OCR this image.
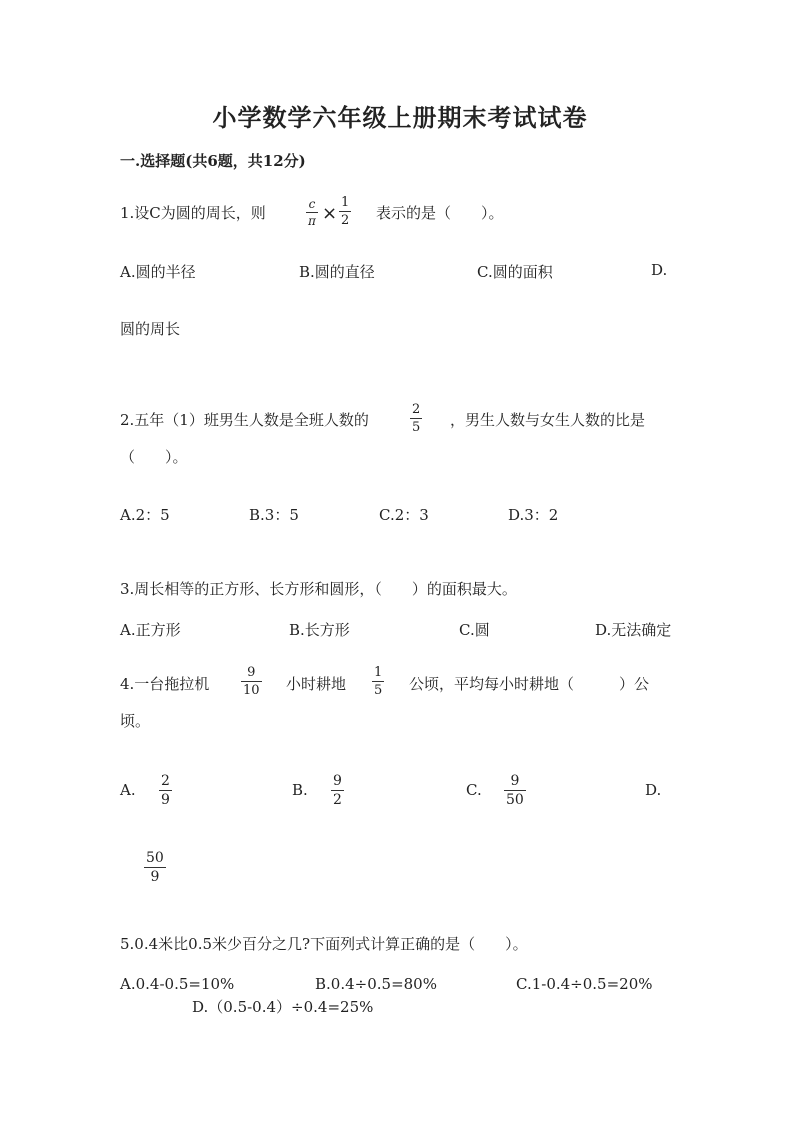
小学数学六年级上册期末考试试卷
一.选择题(共6题，共12分)
1.设C为圆的周长，则	c
π ×
1
2 表示的是（　　）。
A.圆的半径	B.圆的直径	C.圆的面积	D.
圆的周长
2.五年（1）班男生人数是全班人数的
2
5 ，男生人数与女生人数的比是
（　　）。
A.2：5	B.3：5	C.2：3	D.3：2
3.周长相等的正方形、长方形和圆形，（　　）的面积最大。
A.正方形	B.长方形	C.圆	D.无法确定
4.一台拖拉机
9
10 小时耕地
1
5 公顷，平均每小时耕地（　　　）公
顷。
A. 2
9
B. 9
2
C. 9
50
D.
50
9
5.0.4米比0.5米少百分之几?下面列式计算正确的是（　　）。
A.0.4-0.5=10%	B.0.4÷0.5=80%	C.1-0.4÷0.5=20%
D.（0.5-0.4）÷0.4=25%
